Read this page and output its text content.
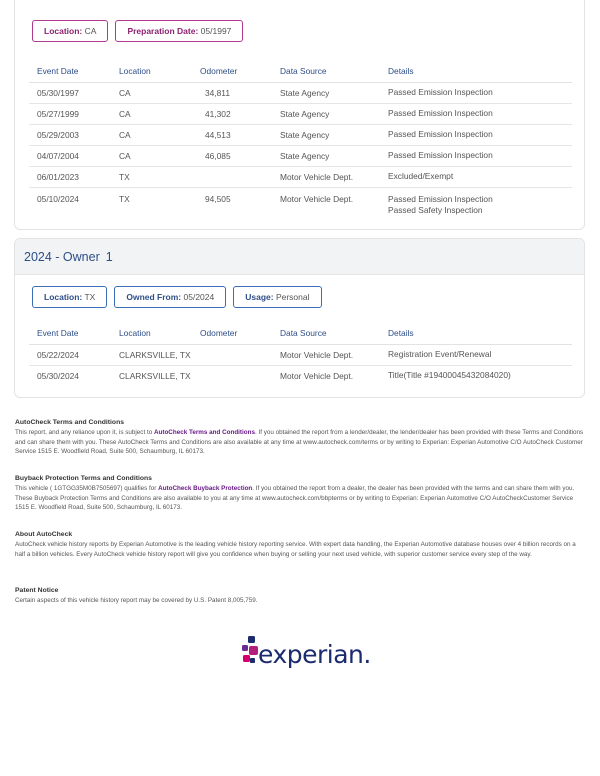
Location: CA	Preparation Date: 05/1997
Event Date	Location	Odometer	Data Source	Details
05/30/1997	CA	34,811	State Agency	Passed Emission Inspection

05/27/1999	CA	41,302	State Agency	Passed Emission Inspection

05/29/2003	CA	44,513	State Agency	Passed Emission Inspection

04/07/2004	CA	46,085	State Agency	Passed Emission Inspection

06/01/2023	TX		Motor Vehicle Dept.	Excluded/Exempt

05/10/2024	TX	94,505	Motor Vehicle Dept.	Passed Emission Inspection
Passed Safety Inspection
2024 - Owner 1
Location: TX	Owned From: 05/2024	Usage: Personal
Event Date	Location	Odometer	Data Source	Details
05/22/2024	CLARKSVILLE, TX		Motor Vehicle Dept.	Registration Event/Renewal

05/30/2024	CLARKSVILLE, TX		Motor Vehicle Dept.	Title(Title #19400045432084020)
AutoCheck Terms and Conditions

This report, and any reliance upon it, is subject to AutoCheck Terms and Conditions. If you obtained the report from a lender/dealer, the lender/dealer has been provided with these Terms and Conditions and can share them with you. These AutoCheck Terms and Conditions are also available at any time at www.autocheck.com/terms or by writing to Experian: Experian Automotive C/O AutoCheck Customer Service 1515 E. Woodfield Road, Suite 500, Schaumburg, IL 60173.

Buyback Protection Terms and Conditions

This vehicle ( 1GTGG35M0B7505697) qualifies for AutoCheck Buyback Protection. If you obtained the report from a dealer, the dealer has been provided with the terms and can share them with you. These Buyback Protection Terms and Conditions are also available to you at any time at www.autocheck.com/bbpterms or by writing to Experian: Experian Automotive C/O AutoCheckCustomer Service 1515 E. Woodfield Road, Suite 500, Schaumburg, IL 60173.

About AutoCheck

AutoCheck vehicle history reports by Experian Automotive is the leading vehicle history reporting service. With expert data handling, the Experian Automotive database houses over 4 billion records on a half a billion vehicles. Every AutoCheck vehicle history report will give you confidence when buying or selling your next used vehicle, with superior customer service every step of the way.

Patent Notice

Certain aspects of this vehicle history report may be covered by U.S. Patent 8,005,759.

experian.
